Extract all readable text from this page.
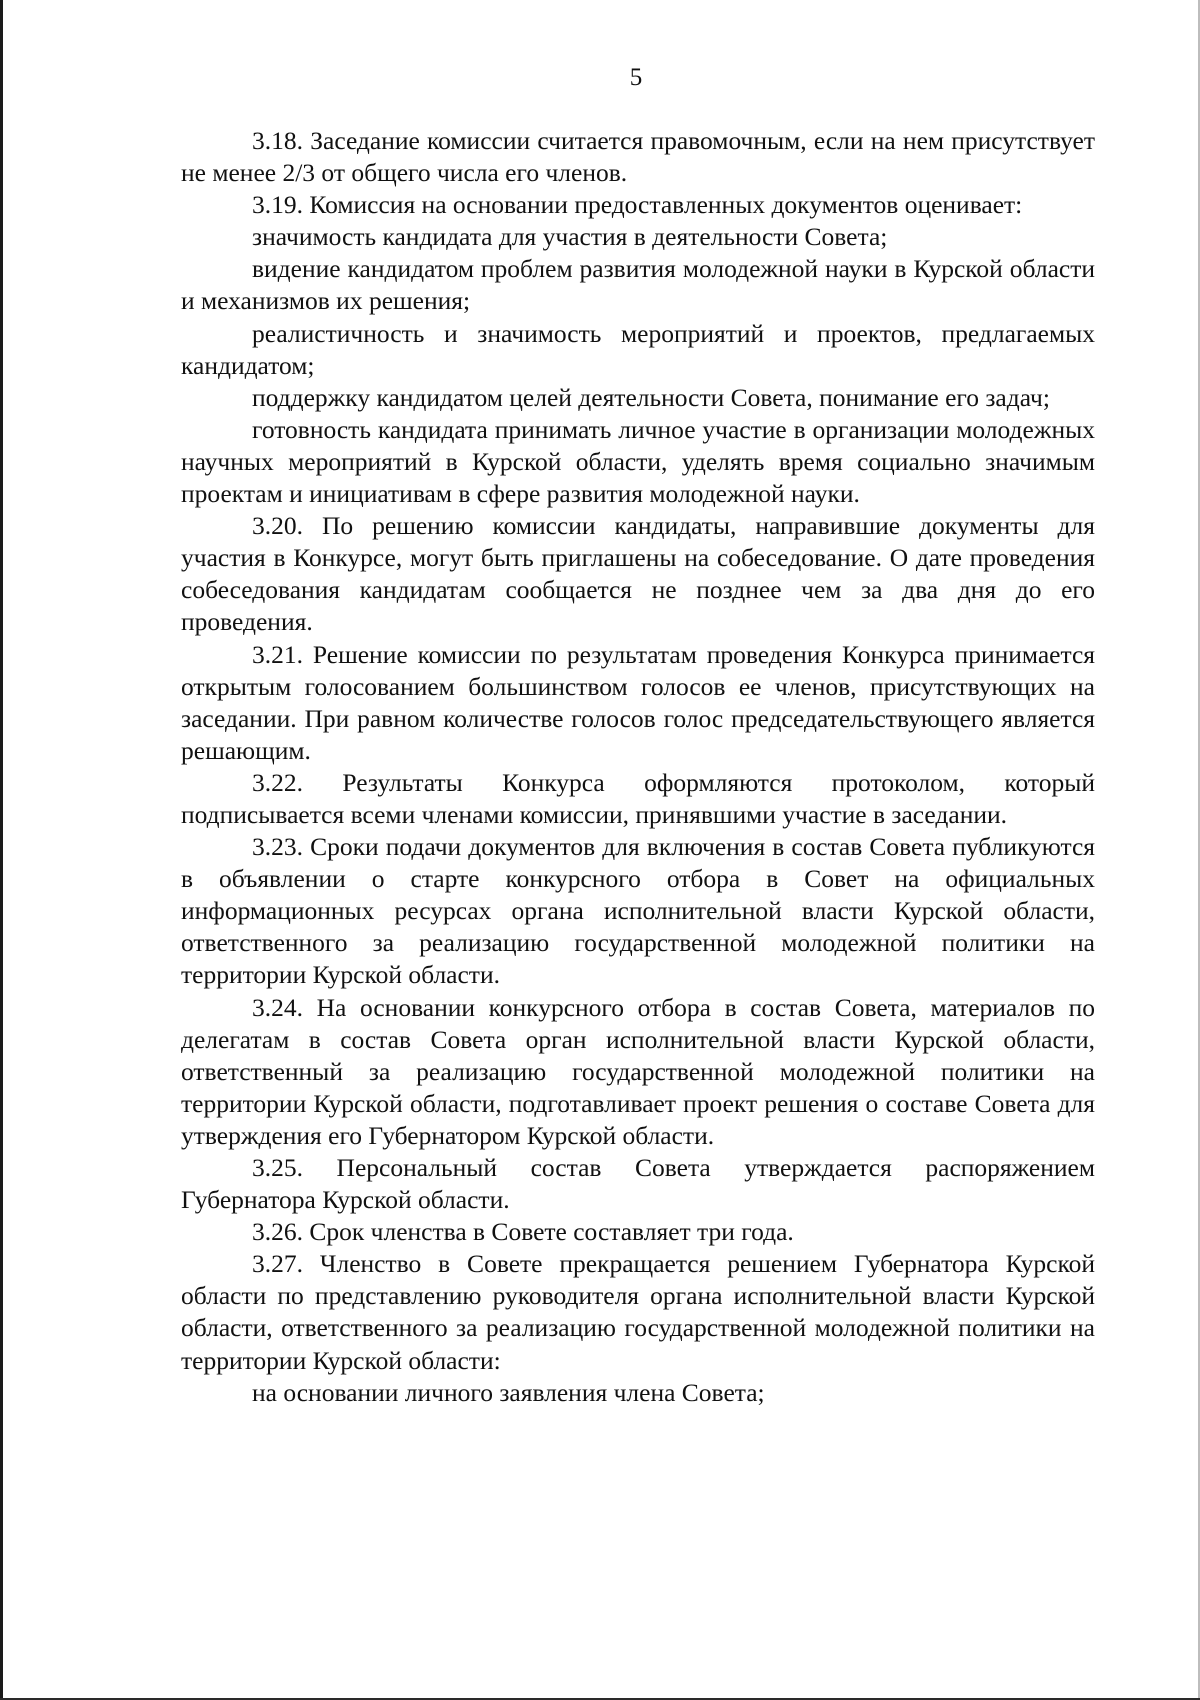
5

3.18. Заседание комиссии считается правомочным, если на нем присутствует не менее 2/3 от общего числа его членов.

3.19. Комиссия на основании предоставленных документов оценивает:

значимость кандидата для участия в деятельности Совета;

видение кандидатом проблем развития молодежной науки в Курской области и механизмов их решения;

реалистичность и значимость мероприятий и проектов, предлагаемых кандидатом;

поддержку кандидатом целей деятельности Совета, понимание его задач;

готовность кандидата принимать личное участие в организации молодежных научных мероприятий в Курской области, уделять время социально значимым проектам и инициативам в сфере развития молодежной науки.

3.20. По решению комиссии кандидаты, направившие документы для участия в Конкурсе, могут быть приглашены на собеседование. О дате проведения собеседования кандидатам сообщается не позднее чем за два дня до его проведения.

3.21. Решение комиссии по результатам проведения Конкурса принимается открытым голосованием большинством голосов ее членов, присутствующих на заседании. При равном количестве голосов голос председательствующего является решающим.

3.22. Результаты Конкурса оформляются протоколом, который подписывается всеми членами комиссии, принявшими участие в заседании.

3.23. Сроки подачи документов для включения в состав Совета публикуются в объявлении о старте конкурсного отбора в Совет на официальных информационных ресурсах органа исполнительной власти Курской области, ответственного за реализацию государственной молодежной политики на территории Курской области.

3.24. На основании конкурсного отбора в состав Совета, материалов по делегатам в состав Совета орган исполнительной власти Курской области, ответственный за реализацию государственной молодежной политики на территории Курской области, подготавливает проект решения о составе Совета для утверждения его Губернатором Курской области.

3.25. Персональный состав Совета утверждается распоряжением Губернатора Курской области.

3.26. Срок членства в Совете составляет три года.

3.27. Членство в Совете прекращается решением Губернатора Курской области по представлению руководителя органа исполнительной власти Курской области, ответственного за реализацию государственной молодежной политики на территории Курской области:

на основании личного заявления члена Совета;
